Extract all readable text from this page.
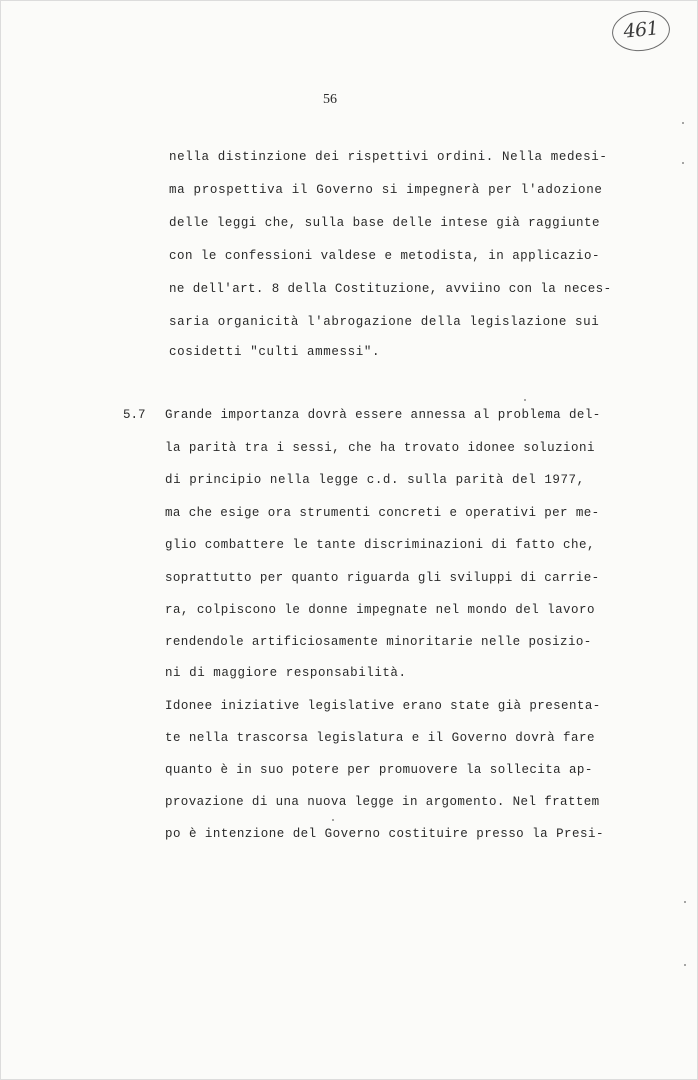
461
56
nella distinzione dei rispettivi ordini. Nella medesi-
ma prospettiva il Governo si impegnerà per l'adozione
delle leggi che, sulla base delle intese già raggiunte
con le confessioni valdese e metodista, in applicazio-
ne dell'art. 8 della Costituzione, avviino con la neces-
saria organicità l'abrogazione della legislazione sui
cosidetti "culti ammessi".
5.7 Grande importanza dovrà essere annessa al problema del-
la parità tra i sessi, che ha trovato idonee soluzioni
di principio nella legge c.d. sulla parità del 1977,
ma che esige ora strumenti concreti e operativi per me-
glio combattere le tante discriminazioni di fatto che,
soprattutto per quanto riguarda gli sviluppi di carrie-
ra, colpiscono le donne impegnate nel mondo del lavoro
rendendole artificiosamente minoritarie nelle posizio-
ni di maggiore responsabilità.
Idonee iniziative legislative erano state già presenta-
te nella trascorsa legislatura e il Governo dovrà fare
quanto è in suo potere per promuovere la sollecita ap-
provazione di una nuova legge in argomento. Nel frattem
po è intenzione del Governo costituire presso la Presi-
